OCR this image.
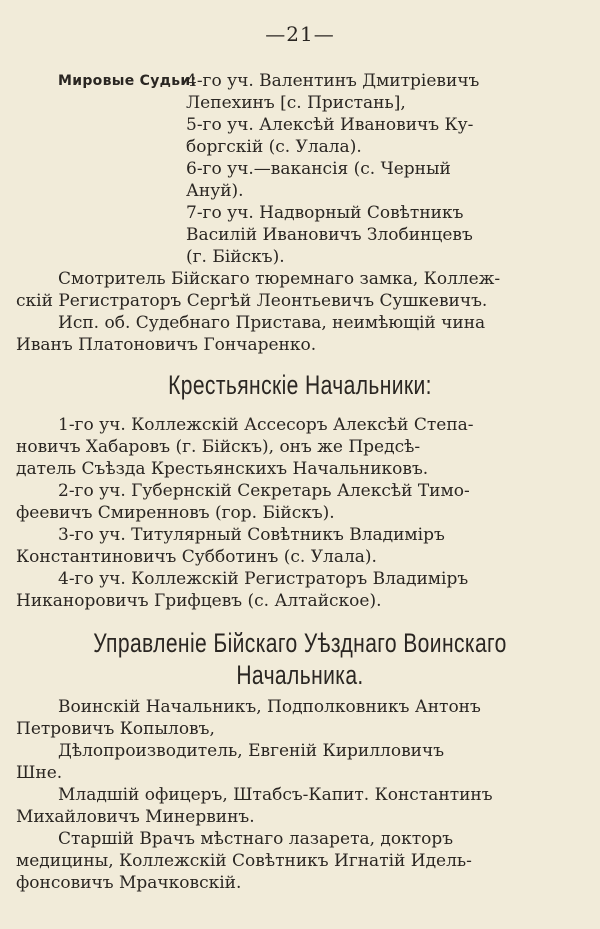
—21—
Мировые Судьи:
4-го уч. Валентинъ Дмитріевичъ
Лепехинъ [с. Пристань],
5-го уч. Алексѣй Ивановичъ Ку-
боргскій (с. Улала).
6-го уч.—вакансія (с. Черный
Ануй).
7-го уч. Надворный Совѣтникъ
Василій Ивановичъ Злобинцевъ
(г. Бійскъ).
Смотритель Бійскаго тюремнаго замка, Коллеж-
скій Регистраторъ Сергѣй Леонтьевичъ Сушкевичъ.
Исп. об. Судебнаго Пристава, неимѣющій чина
Иванъ Платоновичъ Гончаренко.
Крестьянскіе Начальники:
1-го уч. Коллежскій Ассесоръ Алексѣй Степа-
новичъ Хабаровъ (г. Бійскъ), онъ же Предсѣ-
датель Съѣзда Крестьянскихъ Начальниковъ.
2-го уч. Губернскій Секретарь Алексѣй Тимо-
феевичъ Смиренновъ (гор. Бійскъ).
3-го уч. Титулярный Совѣтникъ Владиміръ
Константиновичъ Субботинъ (с. Улала).
4-го уч. Коллежскій Регистраторъ Владиміръ
Никаноровичъ Грифцевъ (с. Алтайское).
Управленіе Бійскаго Уѣзднаго Воинскаго
Начальника.
Воинскій Начальникъ, Подполковникъ Антонъ
Петровичъ Копыловъ,
Дѣлопроизводитель, Евгеній Кирилловичъ
Шне.
Младшій офицеръ, Штабсъ-Капит. Константинъ
Михайловичъ Минервинъ.
Старшій Врачъ мѣстнаго лазарета, докторъ
медицины, Коллежскій Совѣтникъ Игнатій Идель-
фонсовичъ Мрачковскій.
